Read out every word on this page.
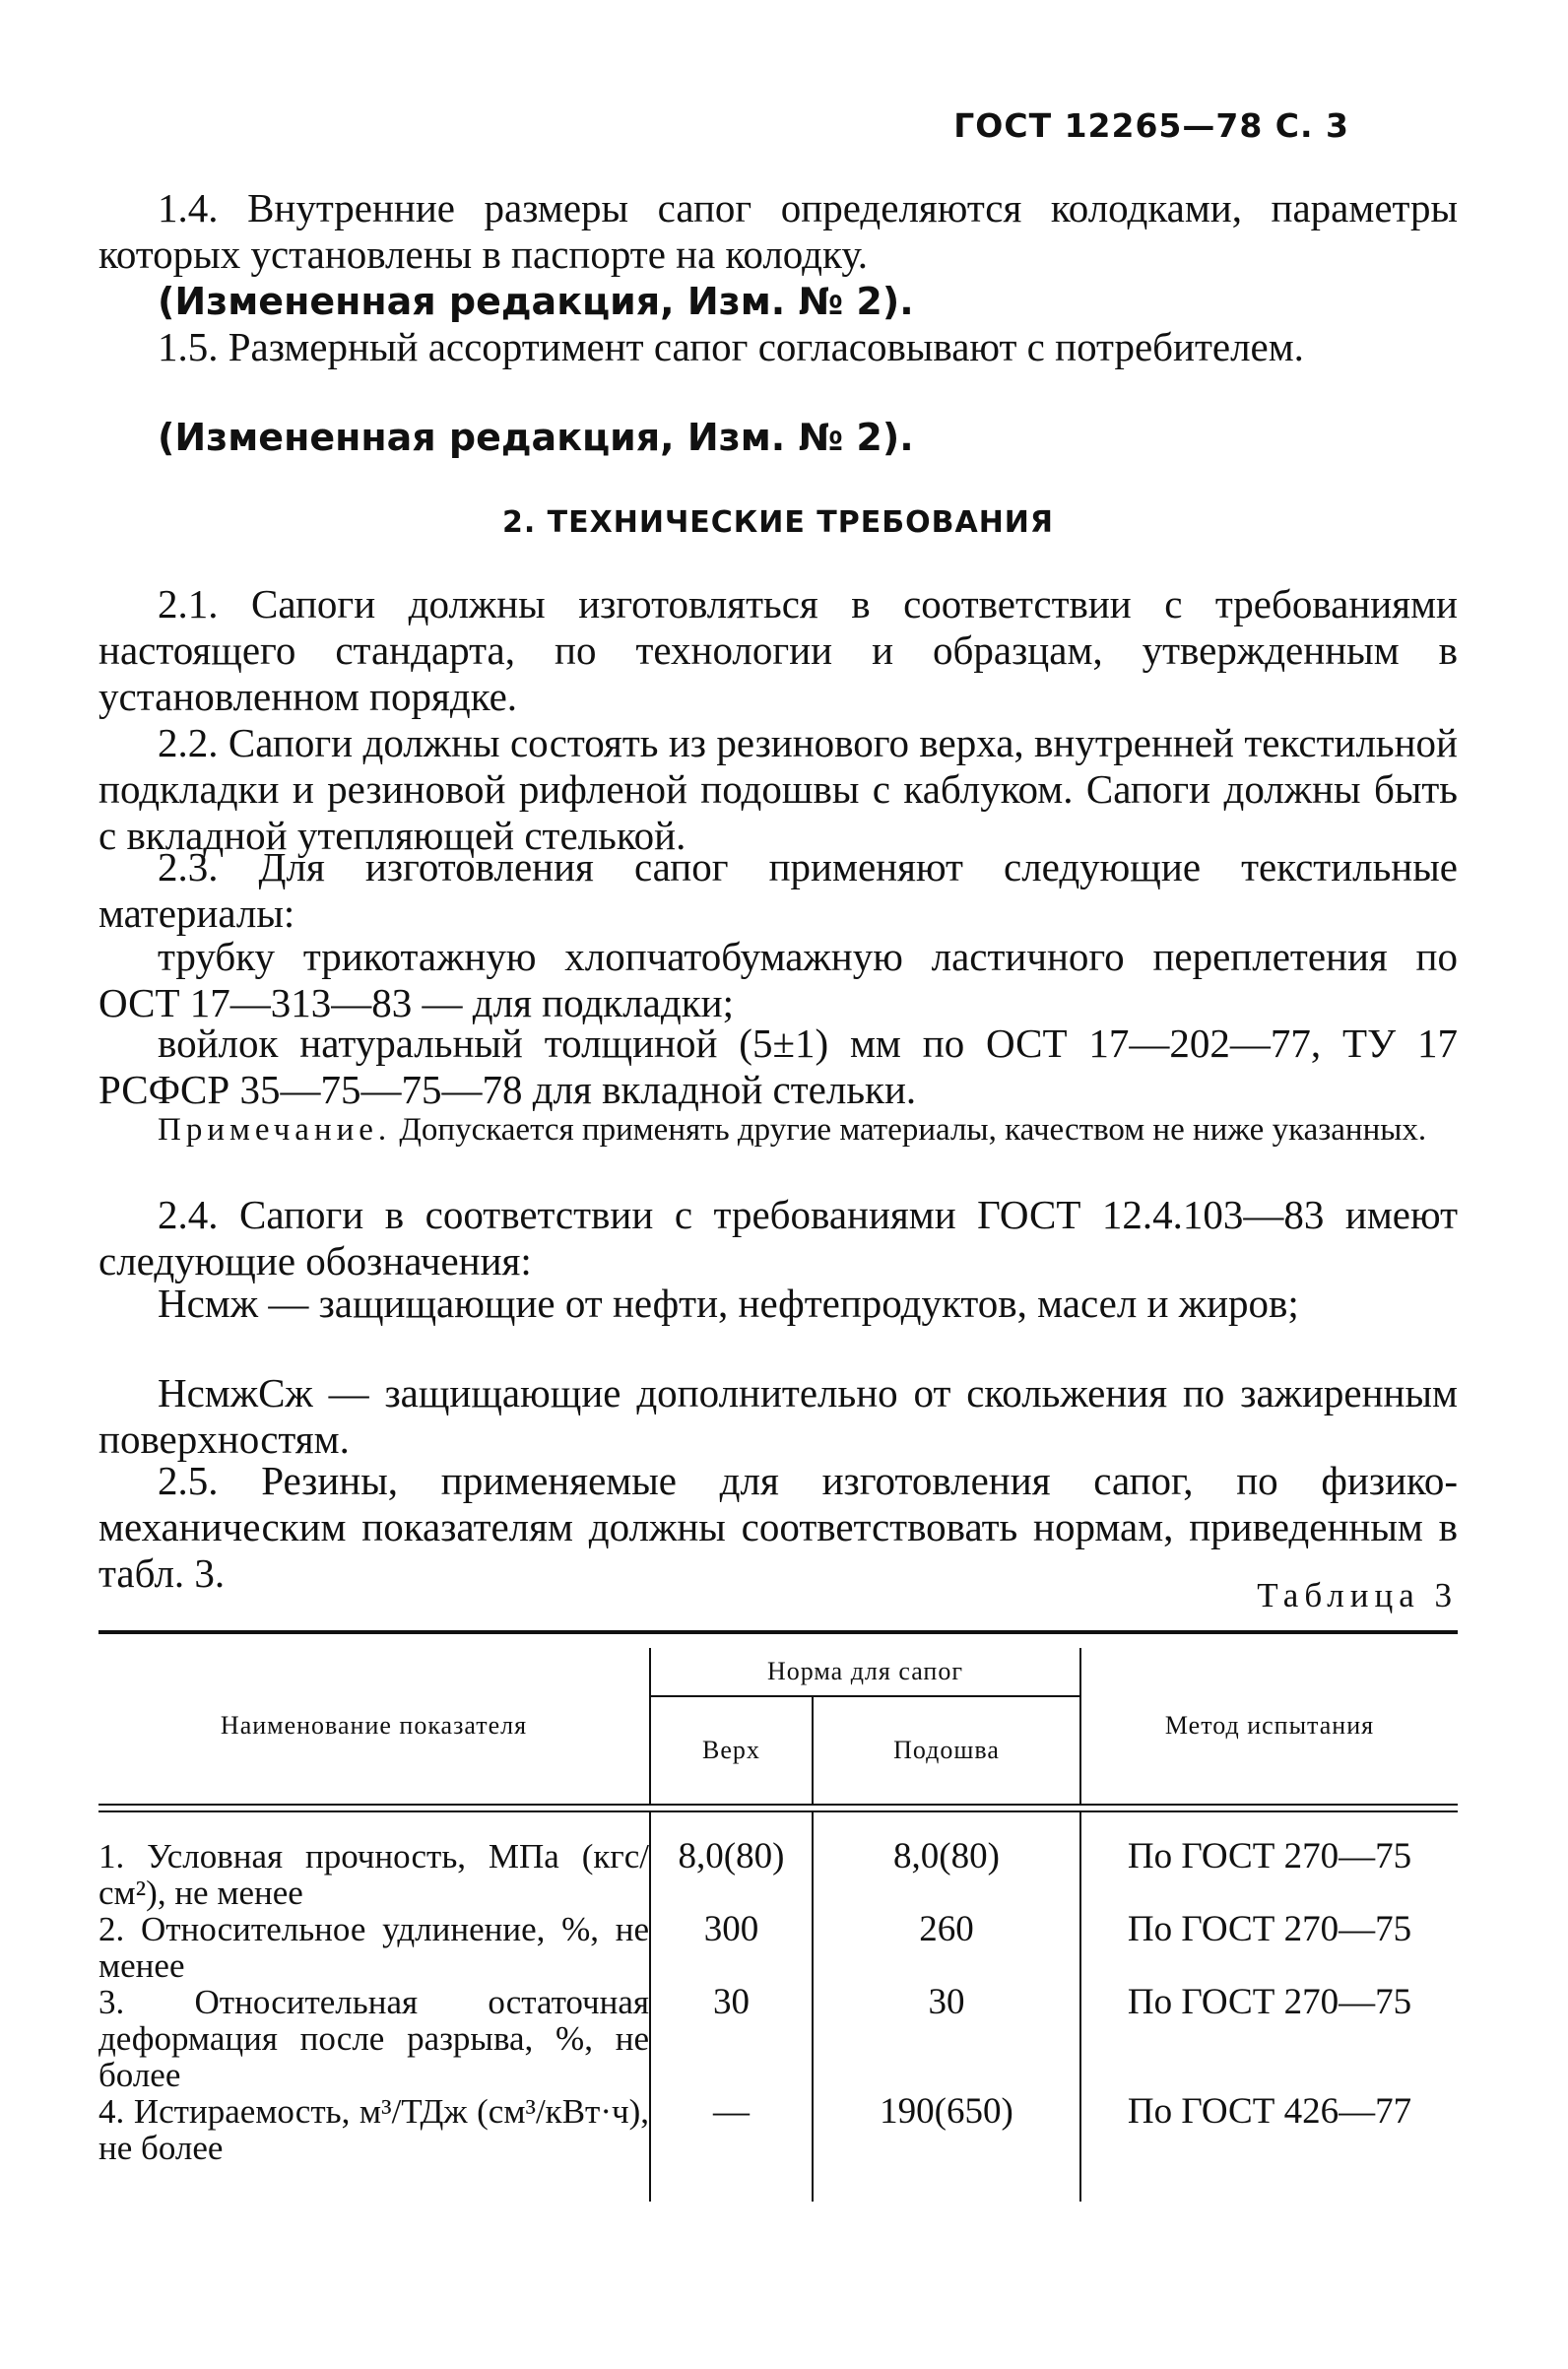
ГОСТ 12265—78 С. 3
1.4. Внутренние размеры сапог определяются колодками, параметры которых установлены в паспорте на колодку.
(Измененная редакция, Изм. № 2).
1.5. Размерный ассортимент сапог согласовывают с потребителем.
(Измененная редакция, Изм. № 2).
2. ТЕХНИЧЕСКИЕ ТРЕБОВАНИЯ
2.1. Сапоги должны изготовляться в соответствии с требованиями настоящего стандарта, по технологии и образцам, утвержденным в установленном порядке.
2.2. Сапоги должны состоять из резинового верха, внутренней текстильной подкладки и резиновой рифленой подошвы с каблуком. Сапоги должны быть с вкладной утепляющей стелькой.
2.3. Для изготовления сапог применяют следующие текстильные материалы:
трубку трикотажную хлопчатобумажную ластичного переплетения по ОСТ 17—313—83 — для подкладки;
войлок натуральный толщиной (5±1) мм по ОСТ 17—202—77, ТУ 17 РСФСР 35—75—75—78 для вкладной стельки.
Примечание. Допускается применять другие материалы, качеством не ниже указанных.
2.4. Сапоги в соответствии с требованиями ГОСТ 12.4.103—83 имеют следующие обозначения:
Нсмж — защищающие от нефти, нефтепродуктов, масел и жиров;
НсмжСж — защищающие дополнительно от скольжения по зажиренным поверхностям.
2.5. Резины, применяемые для изготовления сапог, по физико-механическим показателям должны соответствовать нормам, приведенным в табл. 3.	Таблица 3

Наименование показателя	Норма для сапог		Метод испытания
	Верх	Подошва	

1. Условная прочность, МПа (кгс/см²), не менее	8,0(80)	8,0(80)	По ГОСТ 270—75
2. Относительное удлинение, %, не менее	300	260	По ГОСТ 270—75
3. Относительная остаточная деформация после разрыва, %, не более	30	30	По ГОСТ 270—75
4. Истираемость, м³/ТДж (см³/кВт·ч), не более	—	190(650)	По ГОСТ 426—77
